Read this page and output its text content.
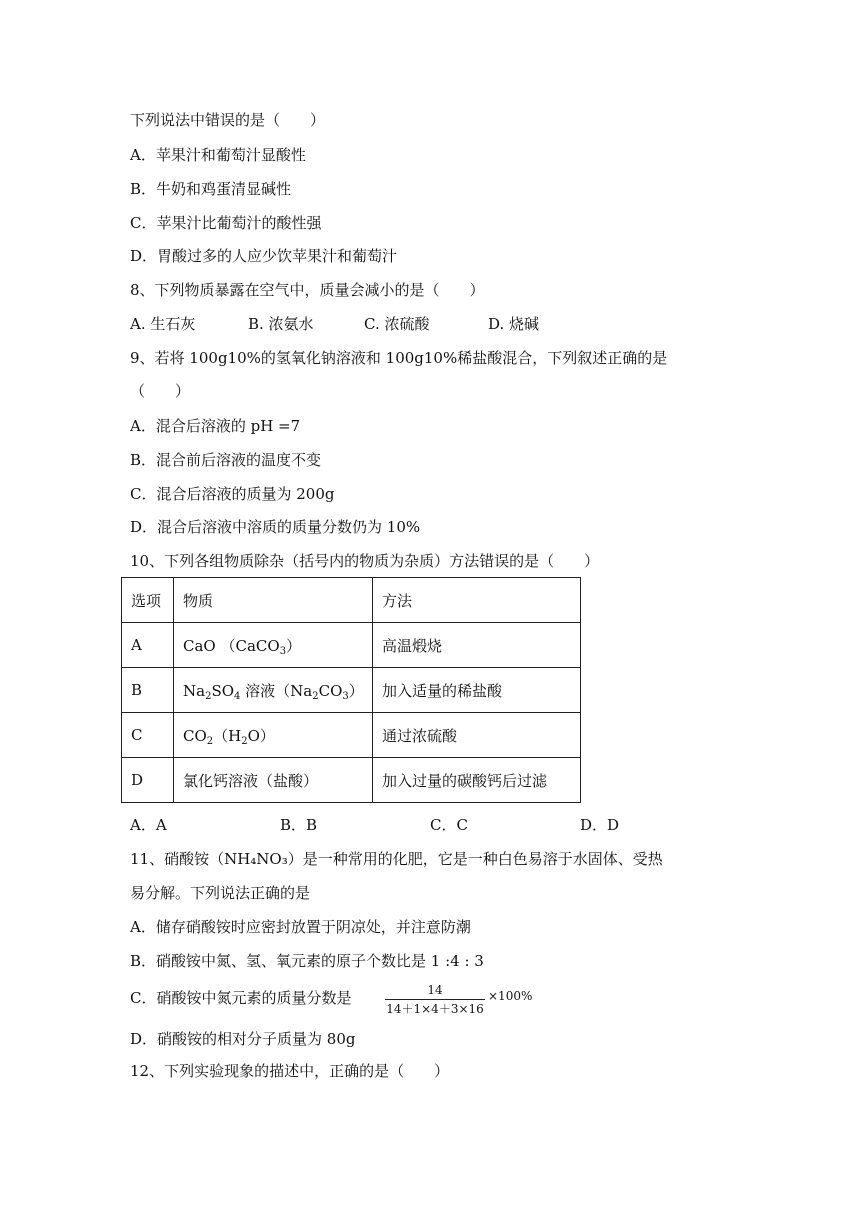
下列说法中错误的是（　　）
A．苹果汁和葡萄汁显酸性
B．牛奶和鸡蛋清显碱性
C．苹果汁比葡萄汁的酸性强
D．胃酸过多的人应少饮苹果汁和葡萄汁
8、下列物质暴露在空气中，质量会减小的是（　　）
A. 生石灰	B. 浓氨水	C. 浓硫酸	D. 烧碱
9、若将 100g10%的氢氧化钠溶液和 100g10%稀盐酸混合，下列叙述正确的是
（　　）
A．混合后溶液的 pH =7
B．混合前后溶液的温度不变
C．混合后溶液的质量为 200g
D．混合后溶液中溶质的质量分数仍为 10%
10、下列各组物质除杂（括号内的物质为杂质）方法错误的是（　　）
选项	物质	方法
A	CaO （CaCO$_3$）	高温煅烧
B	$Na_2SO_4$ 溶液$(Na_2CO_3)$	加入适量的稀盐酸
C	$CO_2(H_2O)$	通过浓硫酸
D	氯化钙溶液（盐酸）	加入过量的碳酸钙后过滤
A．A	B．B	C．C	D．D
11、硝酸铵（NH₄NO₃）是一种常用的化肥，它是一种白色易溶于水固体、受热
易分解。下列说法正确的是
A．储存硝酸铵时应密封放置于阴凉处，并注意防潮
B．硝酸铵中氮、氢、氧元素的原子个数比是 1 :4 : 3
C．硝酸铵中氮元素的质量分数是	14
14＋1×4＋3×16
×100%
D．硝酸铵的相对分子质量为 80g
12、下列实验现象的描述中，正确的是（　　）
